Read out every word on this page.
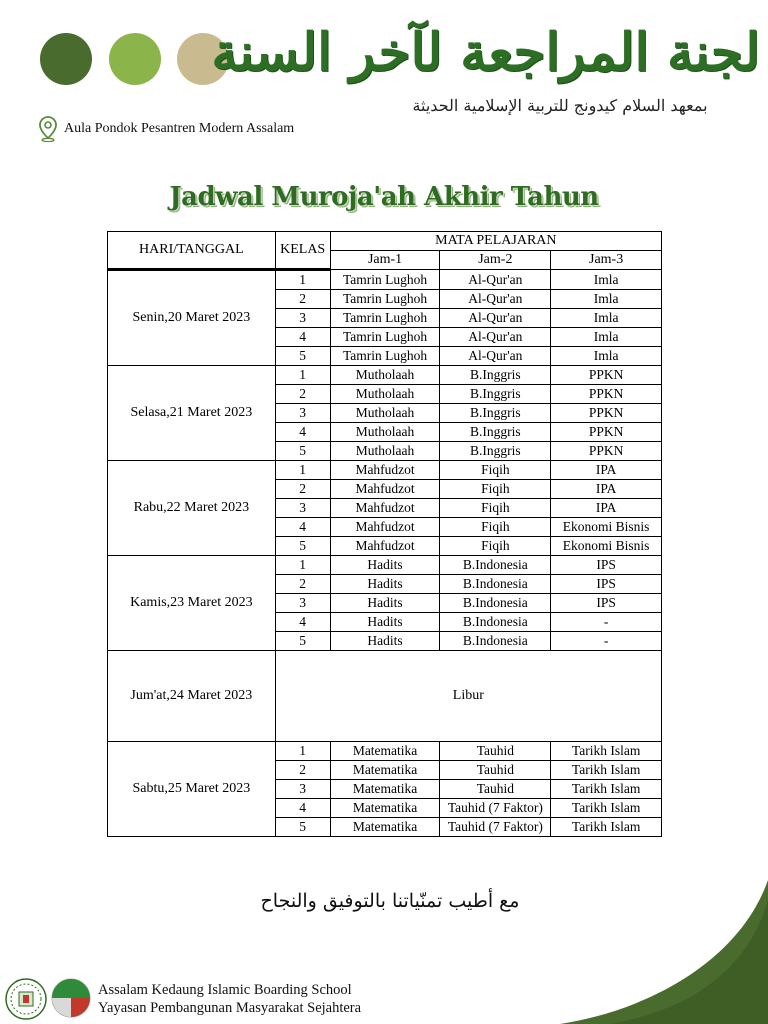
لجنة المراجعة لآخر السنة
بمعهد السلام كيدونج للتربية الإسلامية الحديثة
Aula Pondok Pesantren Modern Assalam
Jadwal Muroja'ah Akhir Tahun
HARI/TANGGAL	KELAS	MATA PELAJARAN		
		Jam-1	Jam-2	Jam-3
Senin,20 Maret 2023	1	Tamrin Lughoh	Al-Qur'an	Imla
	2	Tamrin Lughoh	Al-Qur'an	Imla
	3	Tamrin Lughoh	Al-Qur'an	Imla
	4	Tamrin Lughoh	Al-Qur'an	Imla
	5	Tamrin Lughoh	Al-Qur'an	Imla
Selasa,21 Maret 2023	1	Mutholaah	B.Inggris	PPKN
	2	Mutholaah	B.Inggris	PPKN
	3	Mutholaah	B.Inggris	PPKN
	4	Mutholaah	B.Inggris	PPKN
	5	Mutholaah	B.Inggris	PPKN
Rabu,22 Maret 2023	1	Mahfudzot	Fiqih	IPA
	2	Mahfudzot	Fiqih	IPA
	3	Mahfudzot	Fiqih	IPA
	4	Mahfudzot	Fiqih	Ekonomi Bisnis
	5	Mahfudzot	Fiqih	Ekonomi Bisnis
Kamis,23 Maret 2023	1	Hadits	B.Indonesia	IPS
	2	Hadits	B.Indonesia	IPS
	3	Hadits	B.Indonesia	IPS
	4	Hadits	B.Indonesia	-
	5	Hadits	B.Indonesia	-
Jum'at,24 Maret 2023	Libur			
Sabtu,25 Maret 2023	1	Matematika	Tauhid	Tarikh Islam
	2	Matematika	Tauhid	Tarikh Islam
	3	Matematika	Tauhid	Tarikh Islam
	4	Matematika	Tauhid (7 Faktor)	Tarikh Islam
	5	Matematika	Tauhid (7 Faktor)	Tarikh Islam
مع أطيب تمنّياتنا بالتوفيق والنجاح
Assalam Kedaung Islamic Boarding School
Yayasan Pembangunan Masyarakat Sejahtera
